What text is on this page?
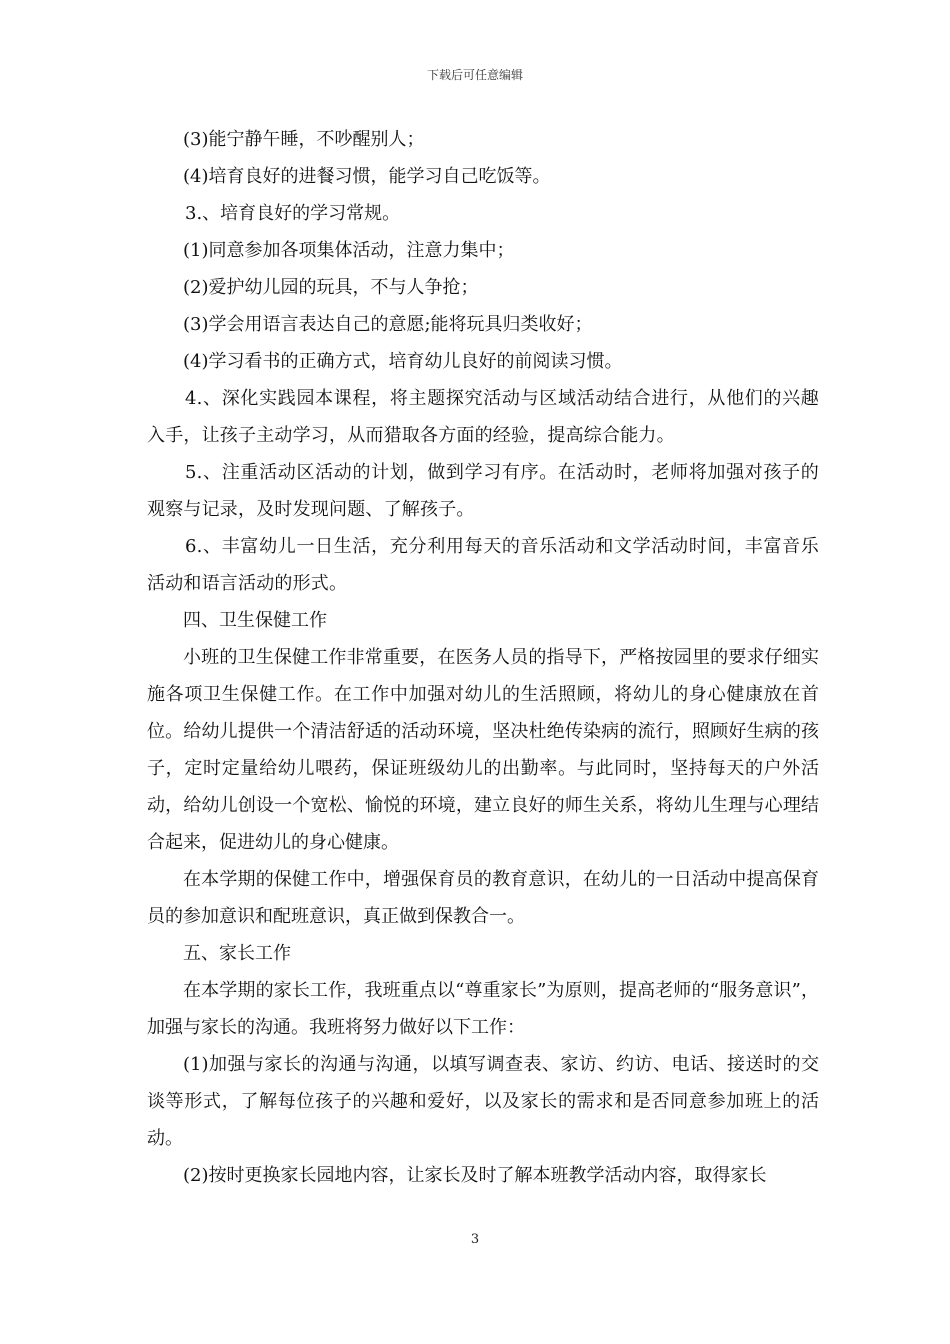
下载后可任意编辑

(3)能宁静午睡，不吵醒别人；

(4)培育良好的进餐习惯，能学习自己吃饭等。

3.、培育良好的学习常规。

(1)同意参加各项集体活动，注意力集中；

(2)爱护幼儿园的玩具，不与人争抢；

(3)学会用语言表达自己的意愿;能将玩具归类收好；

(4)学习看书的正确方式，培育幼儿良好的前阅读习惯。

4.、深化实践园本课程，将主题探究活动与区域活动结合进行，从他们的兴趣入手，让孩子主动学习，从而猎取各方面的经验，提高综合能力。

5.、注重活动区活动的计划，做到学习有序。在活动时，老师将加强对孩子的观察与记录，及时发现问题、了解孩子。

6.、丰富幼儿一日生活，充分利用每天的音乐活动和文学活动时间，丰富音乐活动和语言活动的形式。

四、卫生保健工作

小班的卫生保健工作非常重要，在医务人员的指导下，严格按园里的要求仔细实施各项卫生保健工作。在工作中加强对幼儿的生活照顾，将幼儿的身心健康放在首位。给幼儿提供一个清洁舒适的活动环境，坚决杜绝传染病的流行，照顾好生病的孩子，定时定量给幼儿喂药，保证班级幼儿的出勤率。与此同时，坚持每天的户外活动，给幼儿创设一个宽松、愉悦的环境，建立良好的师生关系，将幼儿生理与心理结合起来，促进幼儿的身心健康。

在本学期的保健工作中，增强保育员的教育意识，在幼儿的一日活动中提高保育员的参加意识和配班意识，真正做到保教合一。

五、家长工作

在本学期的家长工作，我班重点以“尊重家长”为原则，提高老师的“服务意识”，加强与家长的沟通。我班将努力做好以下工作：

(1)加强与家长的沟通与沟通，以填写调查表、家访、约访、电话、接送时的交谈等形式，了解每位孩子的兴趣和爱好，以及家长的需求和是否同意参加班上的活动。

(2)按时更换家长园地内容，让家长及时了解本班教学活动内容，取得家长

3
